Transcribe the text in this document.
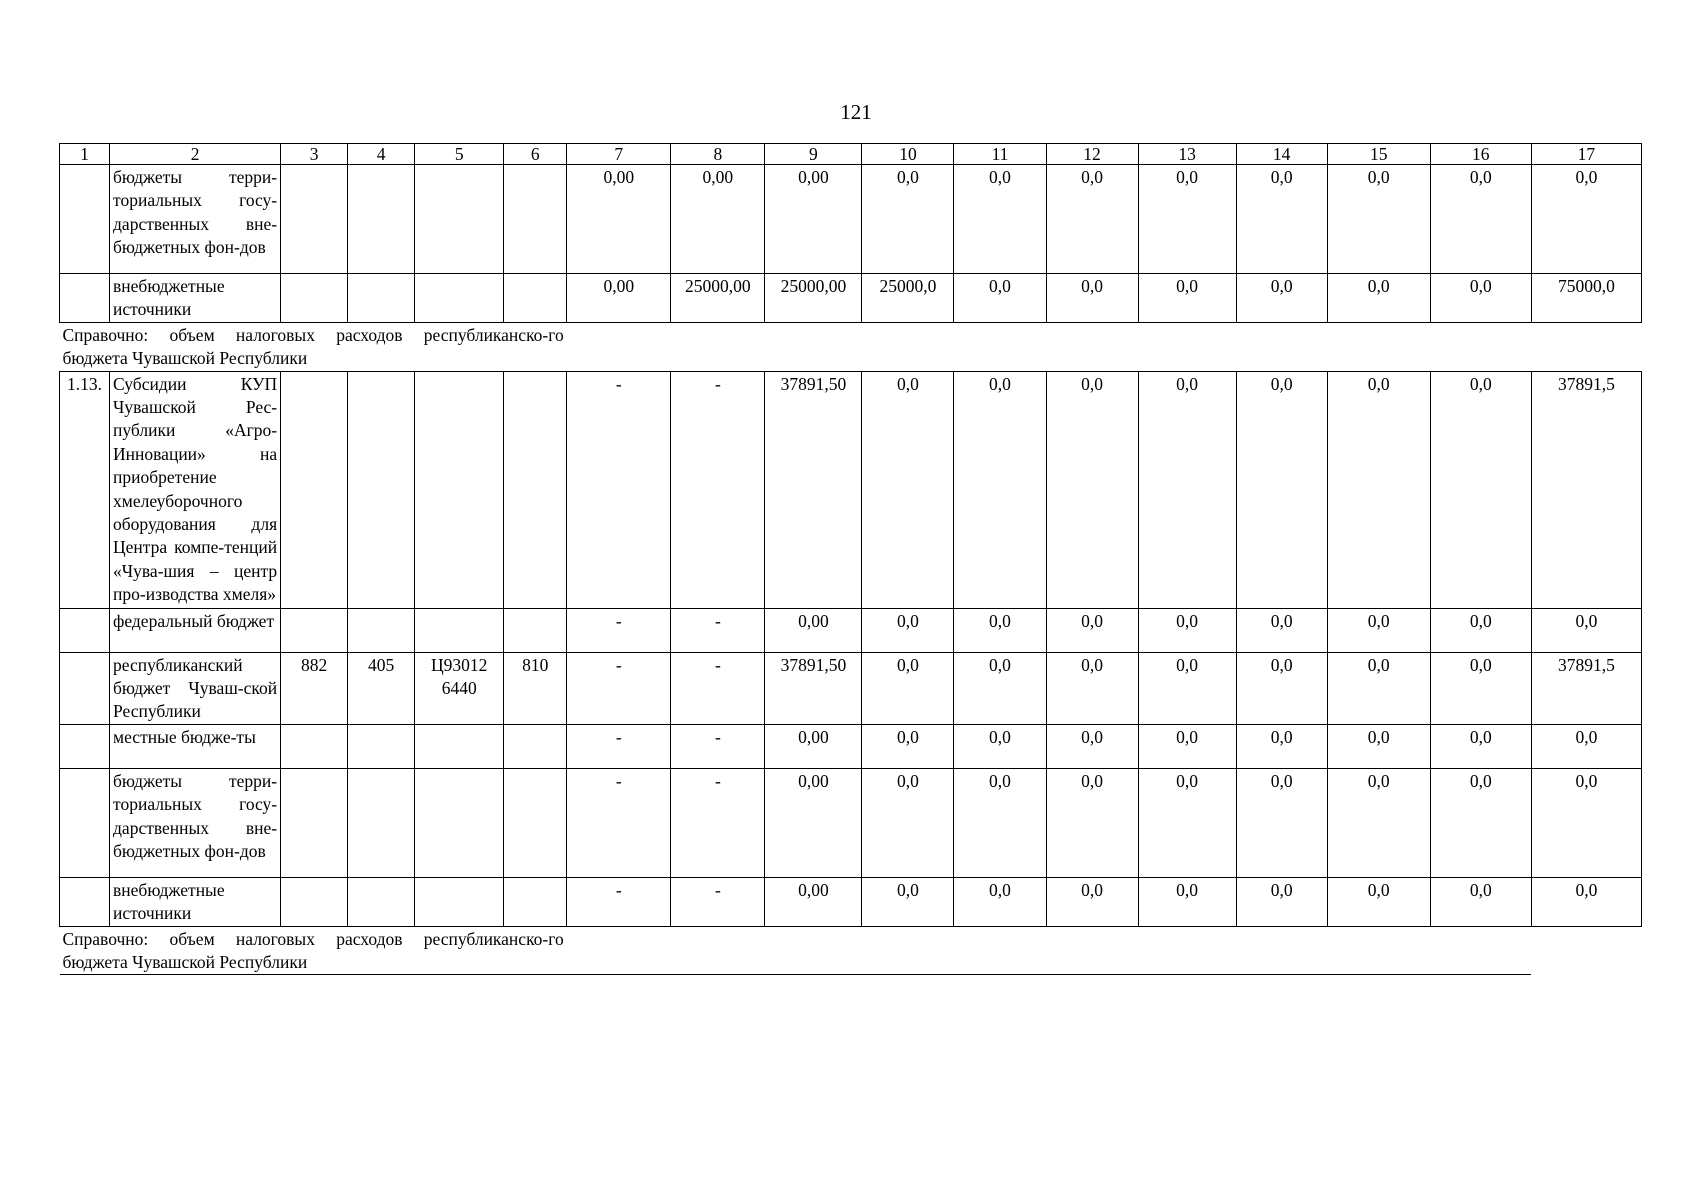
121
1	2	3	4	5	6	7	8	9	10	11	12	13	14	15	16	17
	бюджеты терри-ториальных госу-дарственных вне-бюджетных фон-дов					0,00	0,00	0,00	0,0	0,0	0,0	0,0	0,0	0,0	0,0	0,0
	внебюджетные источники					0,00	25000,00	25000,00	25000,0	0,0	0,0	0,0	0,0	0,0	0,0	75000,0
Справочно: объем налоговых расходов республиканско-го бюджета Чувашской Республики																
1.13.	Субсидии КУП Чувашской Рес-публики «Агро-Инновации» на приобретение хмелеуборочного оборудования для Центра компе-тенций «Чува-шия – центр про-изводства хмеля»					-	-	37891,50	0,0	0,0	0,0	0,0	0,0	0,0	0,0	37891,5
	федеральный бюджет					-	-	0,00	0,0	0,0	0,0	0,0	0,0	0,0	0,0	0,0
	республиканский бюджет Чуваш-ской Республики	882	405	Ц93012 6440	810	-	-	37891,50	0,0	0,0	0,0	0,0	0,0	0,0	0,0	37891,5
	местные бюдже-ты					-	-	0,00	0,0	0,0	0,0	0,0	0,0	0,0	0,0	0,0
	бюджеты терри-ториальных госу-дарственных вне-бюджетных фон-дов					-	-	0,00	0,0	0,0	0,0	0,0	0,0	0,0	0,0	0,0
	внебюджетные источники					-	-	0,00	0,0	0,0	0,0	0,0	0,0	0,0	0,0	0,0
Справочно: объем налоговых расходов республиканско-го бюджета Чувашской Республики																
